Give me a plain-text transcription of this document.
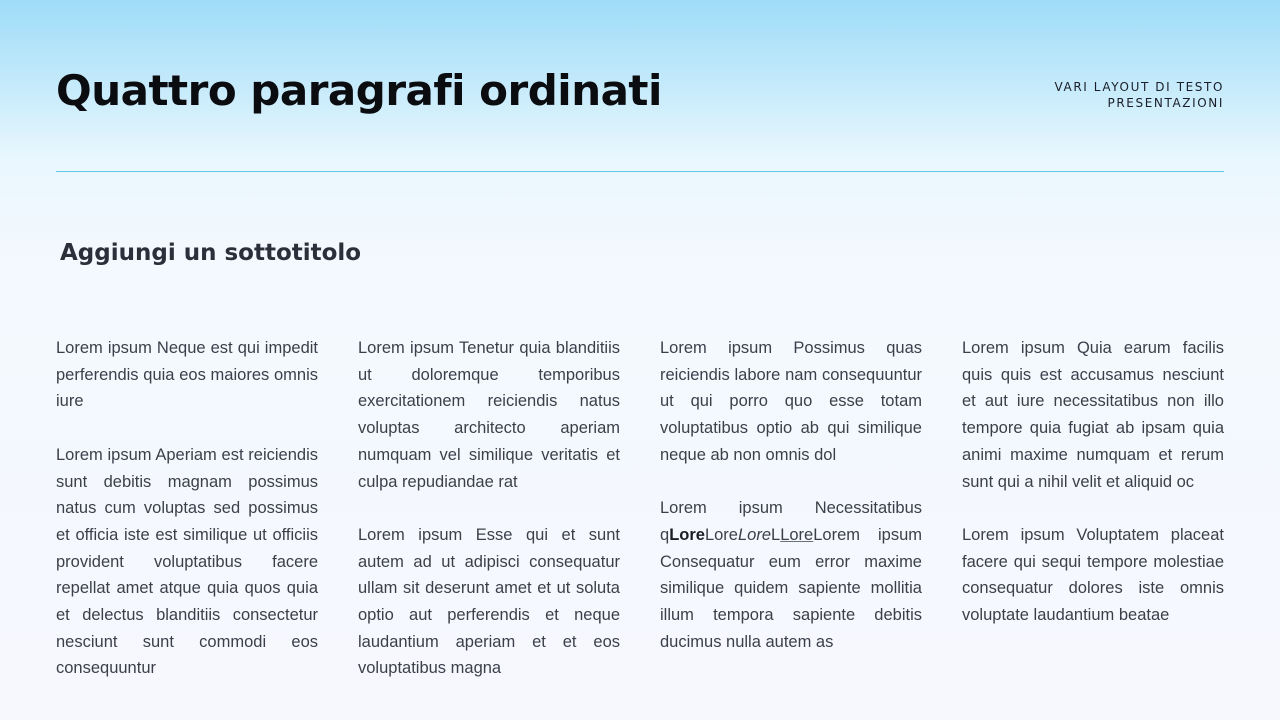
Quattro paragrafi ordinati	VARI LAYOUT DI TESTO
PRESENTAZIONI
Aggiungi un sottotitolo

Lorem ipsum Neque est qui impedit perferendis quia eos maiores omnis iure

Lorem ipsum Aperiam est reiciendis sunt debitis magnam possimus natus cum voluptas sed possimus et officia iste est similique ut officiis provident voluptatibus facere repellat amet atque quia quos quia et delectus blanditiis consectetur nesciunt sunt commodi eos consequuntur

Lorem ipsum Tenetur quia blanditiis ut doloremque temporibus exercitationem reiciendis natus voluptas architecto aperiam numquam vel similique veritatis et culpa repudiandae rat

Lorem ipsum Esse qui et sunt autem ad ut adipisci consequatur ullam sit deserunt amet et ut soluta optio aut perferendis et neque laudantium aperiam et et eos voluptatibus magna

Lorem ipsum Possimus quas reiciendis labore nam consequuntur ut qui porro quo esse totam voluptatibus optio ab qui similique neque ab non omnis dol

Lorem ipsum Necessitatibus qLoreLoreLoreLLoreLorem ipsum Consequatur eum error maxime similique quidem sapiente mollitia illum tempora sapiente debitis ducimus nulla autem as

Lorem ipsum Quia earum facilis quis quis est accusamus nesciunt et aut iure necessitatibus non illo tempore quia fugiat ab ipsam quia animi maxime numquam et rerum sunt qui a nihil velit et aliquid oc

Lorem ipsum Voluptatem placeat facere qui sequi tempore molestiae consequatur dolores iste omnis voluptate laudantium beatae
